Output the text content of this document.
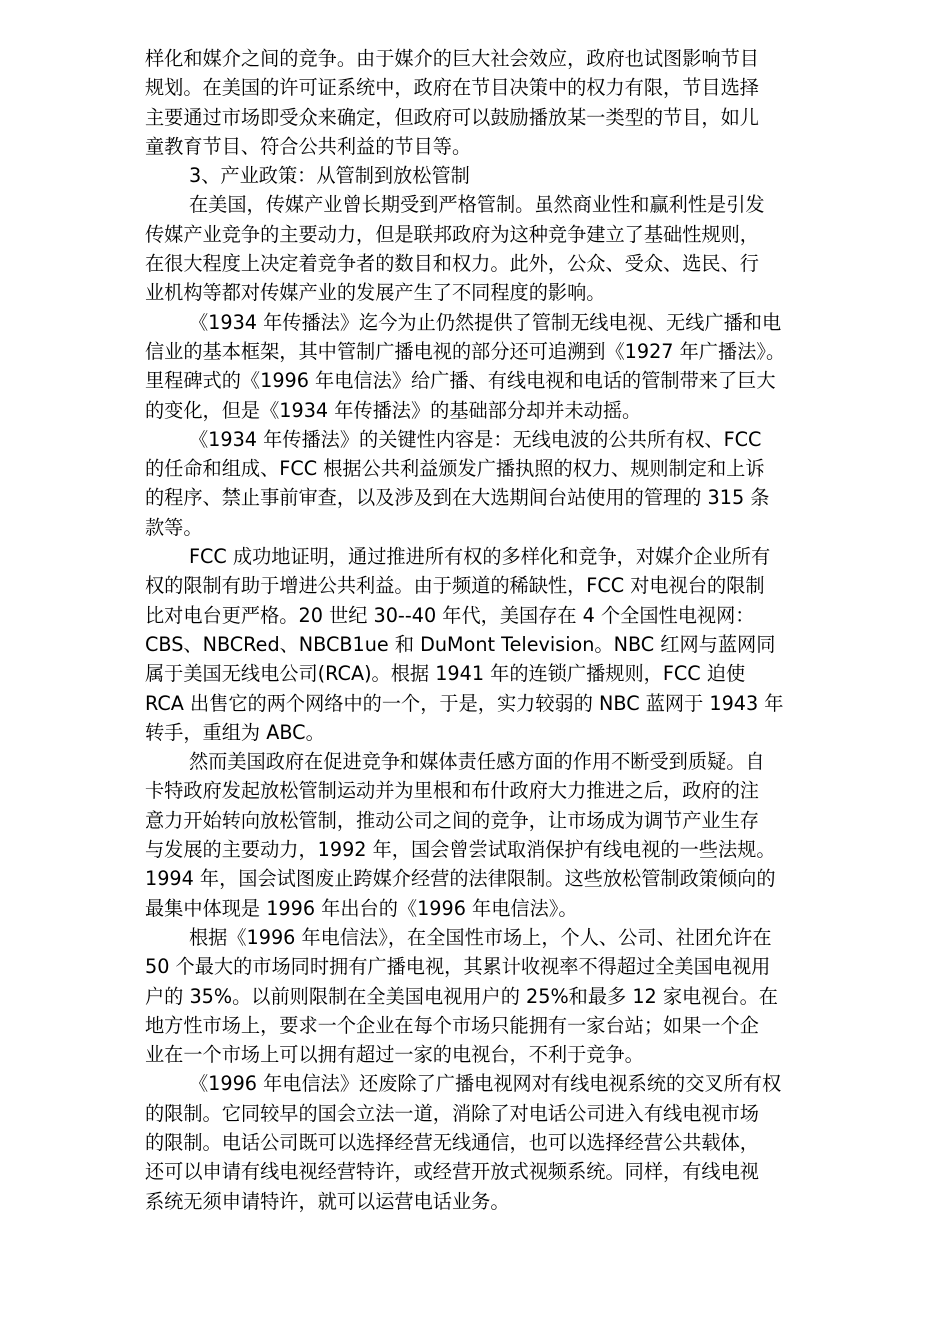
样化和媒介之间的竞争。由于媒介的巨大社会效应，政府也试图影响节目
规划。在美国的许可证系统中，政府在节目决策中的权力有限，节目选择
主要通过市场即受众来确定，但政府可以鼓励播放某一类型的节目，如儿
童教育节目、符合公共利益的节目等。
3、产业政策：从管制到放松管制
在美国，传媒产业曾长期受到严格管制。虽然商业性和赢利性是引发
传媒产业竞争的主要动力，但是联邦政府为这种竞争建立了基础性规则，
在很大程度上决定着竞争者的数目和权力。此外，公众、受众、选民、行
业机构等都对传媒产业的发展产生了不同程度的影响。
《1934 年传播法》迄今为止仍然提供了管制无线电视、无线广播和电
信业的基本框架，其中管制广播电视的部分还可追溯到《1927 年广播法》。
里程碑式的《1996 年电信法》给广播、有线电视和电话的管制带来了巨大
的变化，但是《1934 年传播法》的基础部分却并未动摇。
《1934 年传播法》的关键性内容是：无线电波的公共所有权、FCC
的任命和组成、FCC 根据公共利益颁发广播执照的权力、规则制定和上诉
的程序、禁止事前审查，以及涉及到在大选期间台站使用的管理的 315 条
款等。
FCC 成功地证明，通过推进所有权的多样化和竞争，对媒介企业所有
权的限制有助于增进公共利益。由于频道的稀缺性，FCC 对电视台的限制
比对电台更严格。20 世纪 30--40 年代，美国存在 4 个全国性电视网：
CBS、NBCRed、NBCB1ue 和 DuMont Television。NBC 红网与蓝网同
属于美国无线电公司(RCA)。根据 1941 年的连锁广播规则，FCC 迫使
RCA 出售它的两个网络中的一个，于是，实力较弱的 NBC 蓝网于 1943 年
转手，重组为 ABC。
然而美国政府在促进竞争和媒体责任感方面的作用不断受到质疑。自
卡特政府发起放松管制运动并为里根和布什政府大力推进之后，政府的注
意力开始转向放松管制，推动公司之间的竞争，让市场成为调节产业生存
与发展的主要动力，1992 年，国会曾尝试取消保护有线电视的一些法规。
1994 年，国会试图废止跨媒介经营的法律限制。这些放松管制政策倾向的
最集中体现是 1996 年出台的《1996 年电信法》。
根据《1996 年电信法》，在全国性市场上，个人、公司、社团允许在
50 个最大的市场同时拥有广播电视，其累计收视率不得超过全美国电视用
户的 35%。以前则限制在全美国电视用户的 25%和最多 12 家电视台。在
地方性市场上，要求一个企业在每个市场只能拥有一家台站；如果一个企
业在一个市场上可以拥有超过一家的电视台，不利于竞争。
《1996 年电信法》还废除了广播电视网对有线电视系统的交叉所有权
的限制。它同较早的国会立法一道，消除了对电话公司进入有线电视市场
的限制。电话公司既可以选择经营无线通信，也可以选择经营公共载体，
还可以申请有线电视经营特许，或经营开放式视频系统。同样，有线电视
系统无须申请特许，就可以运营电话业务。
